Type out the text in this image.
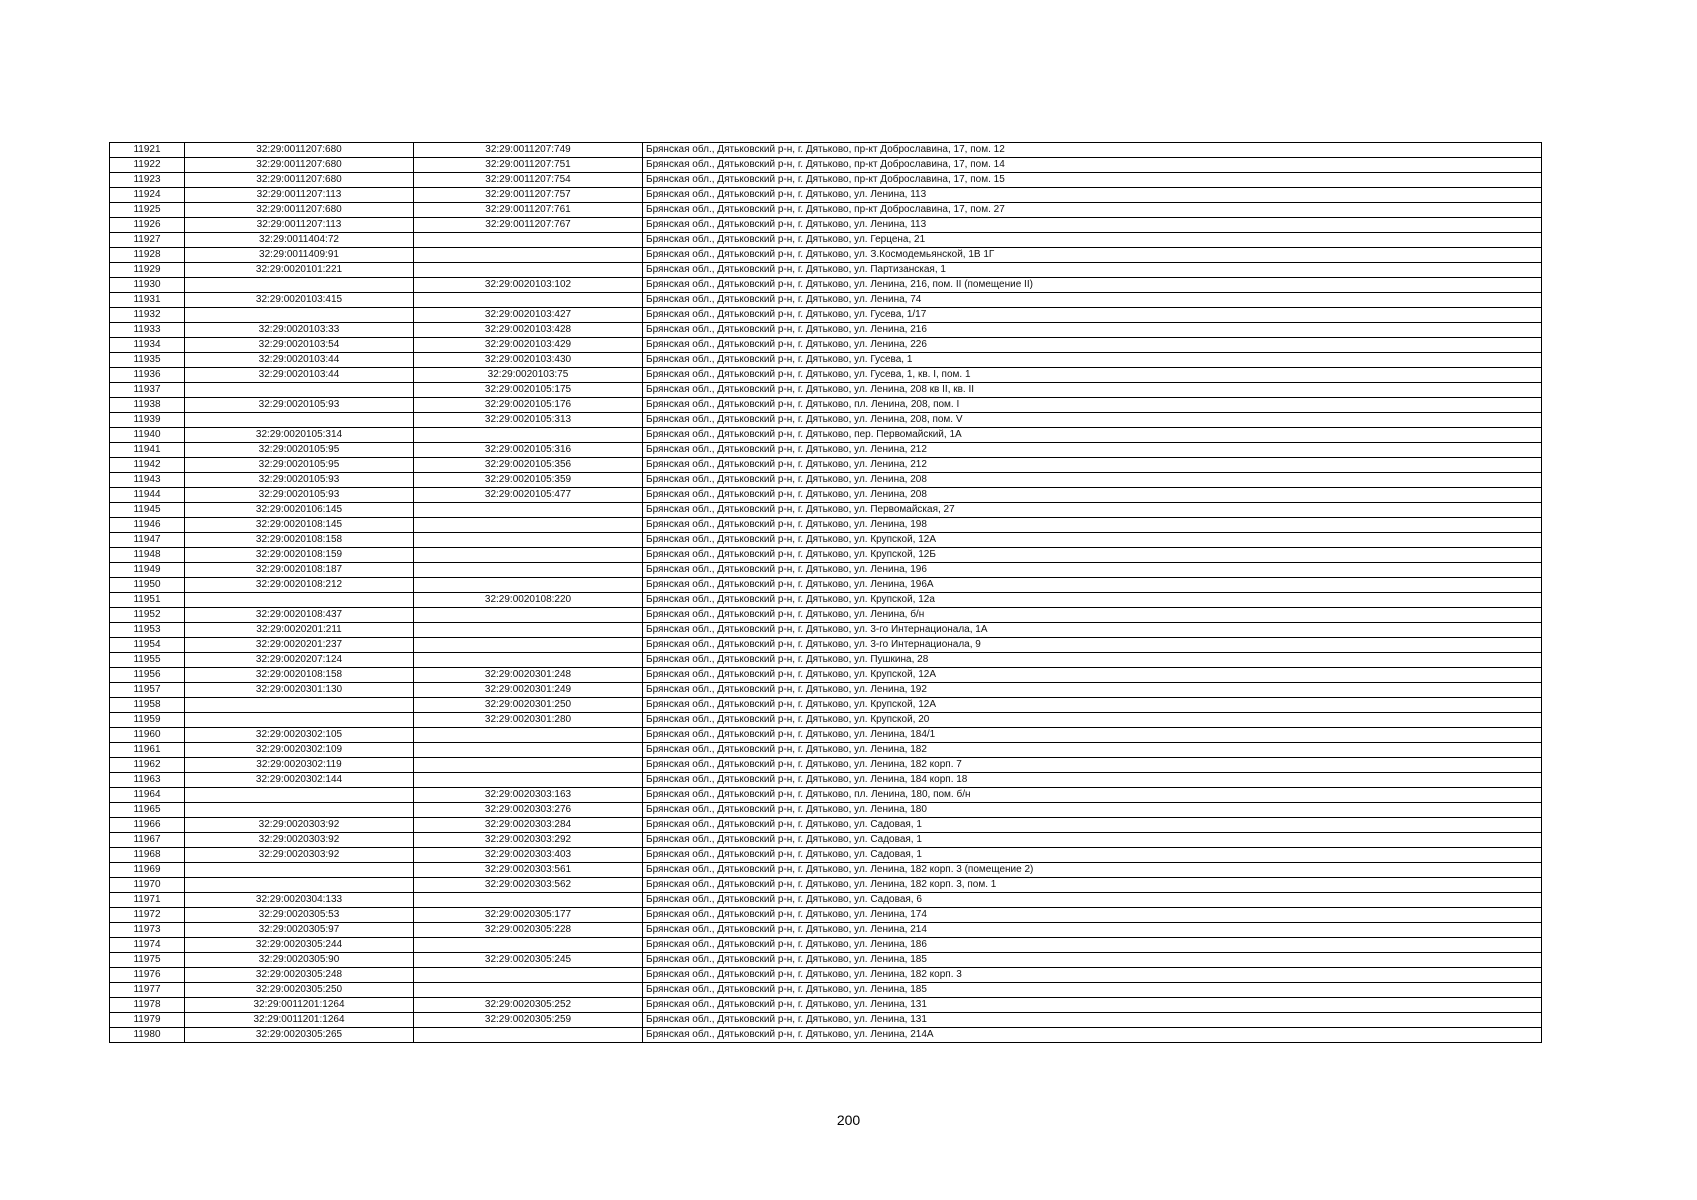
11921	32:29:0011207:680	32:29:0011207:749	Брянская обл., Дятьковский р-н, г. Дятьково, пр-кт Доброславина, 17, пом. 12
11922	32:29:0011207:680	32:29:0011207:751	Брянская обл., Дятьковский р-н, г. Дятьково, пр-кт Доброславина, 17, пом. 14
11923	32:29:0011207:680	32:29:0011207:754	Брянская обл., Дятьковский р-н, г. Дятьково, пр-кт Доброславина, 17, пом. 15
11924	32:29:0011207:113	32:29:0011207:757	Брянская обл., Дятьковский р-н, г. Дятьково, ул. Ленина, 113
11925	32:29:0011207:680	32:29:0011207:761	Брянская обл., Дятьковский р-н, г. Дятьково, пр-кт Доброславина, 17, пом. 27
11926	32:29:0011207:113	32:29:0011207:767	Брянская обл., Дятьковский р-н, г. Дятьково, ул. Ленина, 113
11927	32:29:0011404:72		Брянская обл., Дятьковский р-н, г. Дятьково, ул. Герцена, 21
11928	32:29:0011409:91		Брянская обл., Дятьковский р-н, г. Дятьково, ул. З.Космодемьянской, 1В 1Г
11929	32:29:0020101:221		Брянская обл., Дятьковский р-н, г. Дятьково, ул. Партизанская, 1
11930		32:29:0020103:102	Брянская обл., Дятьковский р-н, г. Дятьково, ул. Ленина, 216, пом. II (помещение II)
11931	32:29:0020103:415		Брянская обл., Дятьковский р-н, г. Дятьково, ул. Ленина, 74
11932		32:29:0020103:427	Брянская обл., Дятьковский р-н, г. Дятьково, ул. Гусева, 1/17
11933	32:29:0020103:33	32:29:0020103:428	Брянская обл., Дятьковский р-н, г. Дятьково, ул. Ленина, 216
11934	32:29:0020103:54	32:29:0020103:429	Брянская обл., Дятьковский р-н, г. Дятьково, ул. Ленина, 226
11935	32:29:0020103:44	32:29:0020103:430	Брянская обл., Дятьковский р-н, г. Дятьково, ул. Гусева, 1
11936	32:29:0020103:44	32:29:0020103:75	Брянская обл., Дятьковский р-н, г. Дятьково, ул. Гусева, 1, кв. I, пом. 1
11937		32:29:0020105:175	Брянская обл., Дятьковский р-н, г. Дятьково, ул. Ленина, 208 кв II, кв. II
11938	32:29:0020105:93	32:29:0020105:176	Брянская обл., Дятьковский р-н, г. Дятьково, пл. Ленина, 208, пом. I
11939		32:29:0020105:313	Брянская обл., Дятьковский р-н, г. Дятьково, ул. Ленина, 208, пом. V
11940	32:29:0020105:314		Брянская обл., Дятьковский р-н, г. Дятьково, пер. Первомайский, 1А
11941	32:29:0020105:95	32:29:0020105:316	Брянская обл., Дятьковский р-н, г. Дятьково, ул. Ленина, 212
11942	32:29:0020105:95	32:29:0020105:356	Брянская обл., Дятьковский р-н, г. Дятьково, ул. Ленина, 212
11943	32:29:0020105:93	32:29:0020105:359	Брянская обл., Дятьковский р-н, г. Дятьково, ул. Ленина, 208
11944	32:29:0020105:93	32:29:0020105:477	Брянская обл., Дятьковский р-н, г. Дятьково, ул. Ленина, 208
11945	32:29:0020106:145		Брянская обл., Дятьковский р-н, г. Дятьково, ул. Первомайская, 27
11946	32:29:0020108:145		Брянская обл., Дятьковский р-н, г. Дятьково, ул. Ленина, 198
11947	32:29:0020108:158		Брянская обл., Дятьковский р-н, г. Дятьково, ул. Крупской, 12А
11948	32:29:0020108:159		Брянская обл., Дятьковский р-н, г. Дятьково, ул. Крупской, 12Б
11949	32:29:0020108:187		Брянская обл., Дятьковский р-н, г. Дятьково, ул. Ленина, 196
11950	32:29:0020108:212		Брянская обл., Дятьковский р-н, г. Дятьково, ул. Ленина, 196А
11951		32:29:0020108:220	Брянская обл., Дятьковский р-н, г. Дятьково, ул. Крупской, 12а
11952	32:29:0020108:437		Брянская обл., Дятьковский р-н, г. Дятьково, ул. Ленина, б/н
11953	32:29:0020201:211		Брянская обл., Дятьковский р-н, г. Дятьково, ул. 3-го Интернационала, 1А
11954	32:29:0020201:237		Брянская обл., Дятьковский р-н, г. Дятьково, ул. 3-го Интернационала, 9
11955	32:29:0020207:124		Брянская обл., Дятьковский р-н, г. Дятьково, ул. Пушкина, 28
11956	32:29:0020108:158	32:29:0020301:248	Брянская обл., Дятьковский р-н, г. Дятьково, ул. Крупской, 12А
11957	32:29:0020301:130	32:29:0020301:249	Брянская обл., Дятьковский р-н, г. Дятьково, ул. Ленина, 192
11958		32:29:0020301:250	Брянская обл., Дятьковский р-н, г. Дятьково, ул. Крупской, 12А
11959		32:29:0020301:280	Брянская обл., Дятьковский р-н, г. Дятьково, ул. Крупской, 20
11960	32:29:0020302:105		Брянская обл., Дятьковский р-н, г. Дятьково, ул. Ленина, 184/1
11961	32:29:0020302:109		Брянская обл., Дятьковский р-н, г. Дятьково, ул. Ленина, 182
11962	32:29:0020302:119		Брянская обл., Дятьковский р-н, г. Дятьково, ул. Ленина, 182 корп. 7
11963	32:29:0020302:144		Брянская обл., Дятьковский р-н, г. Дятьково, ул. Ленина, 184 корп. 18
11964		32:29:0020303:163	Брянская обл., Дятьковский р-н, г. Дятьково, пл. Ленина, 180, пом. б/н
11965		32:29:0020303:276	Брянская обл., Дятьковский р-н, г. Дятьково, ул. Ленина, 180
11966	32:29:0020303:92	32:29:0020303:284	Брянская обл., Дятьковский р-н, г. Дятьково, ул. Садовая, 1
11967	32:29:0020303:92	32:29:0020303:292	Брянская обл., Дятьковский р-н, г. Дятьково, ул. Садовая, 1
11968	32:29:0020303:92	32:29:0020303:403	Брянская обл., Дятьковский р-н, г. Дятьково, ул. Садовая, 1
11969		32:29:0020303:561	Брянская обл., Дятьковский р-н, г. Дятьково, ул. Ленина, 182 корп. 3 (помещение 2)
11970		32:29:0020303:562	Брянская обл., Дятьковский р-н, г. Дятьково, ул. Ленина, 182 корп. 3, пом. 1
11971	32:29:0020304:133		Брянская обл., Дятьковский р-н, г. Дятьково, ул. Садовая, 6
11972	32:29:0020305:53	32:29:0020305:177	Брянская обл., Дятьковский р-н, г. Дятьково, ул. Ленина, 174
11973	32:29:0020305:97	32:29:0020305:228	Брянская обл., Дятьковский р-н, г. Дятьково, ул. Ленина, 214
11974	32:29:0020305:244		Брянская обл., Дятьковский р-н, г. Дятьково, ул. Ленина, 186
11975	32:29:0020305:90	32:29:0020305:245	Брянская обл., Дятьковский р-н, г. Дятьково, ул. Ленина, 185
11976	32:29:0020305:248		Брянская обл., Дятьковский р-н, г. Дятьково, ул. Ленина, 182 корп. 3
11977	32:29:0020305:250		Брянская обл., Дятьковский р-н, г. Дятьково, ул. Ленина, 185
11978	32:29:0011201:1264	32:29:0020305:252	Брянская обл., Дятьковский р-н, г. Дятьково, ул. Ленина, 131
11979	32:29:0011201:1264	32:29:0020305:259	Брянская обл., Дятьковский р-н, г. Дятьково, ул. Ленина, 131
11980	32:29:0020305:265		Брянская обл., Дятьковский р-н, г. Дятьково, ул. Ленина, 214А
200
